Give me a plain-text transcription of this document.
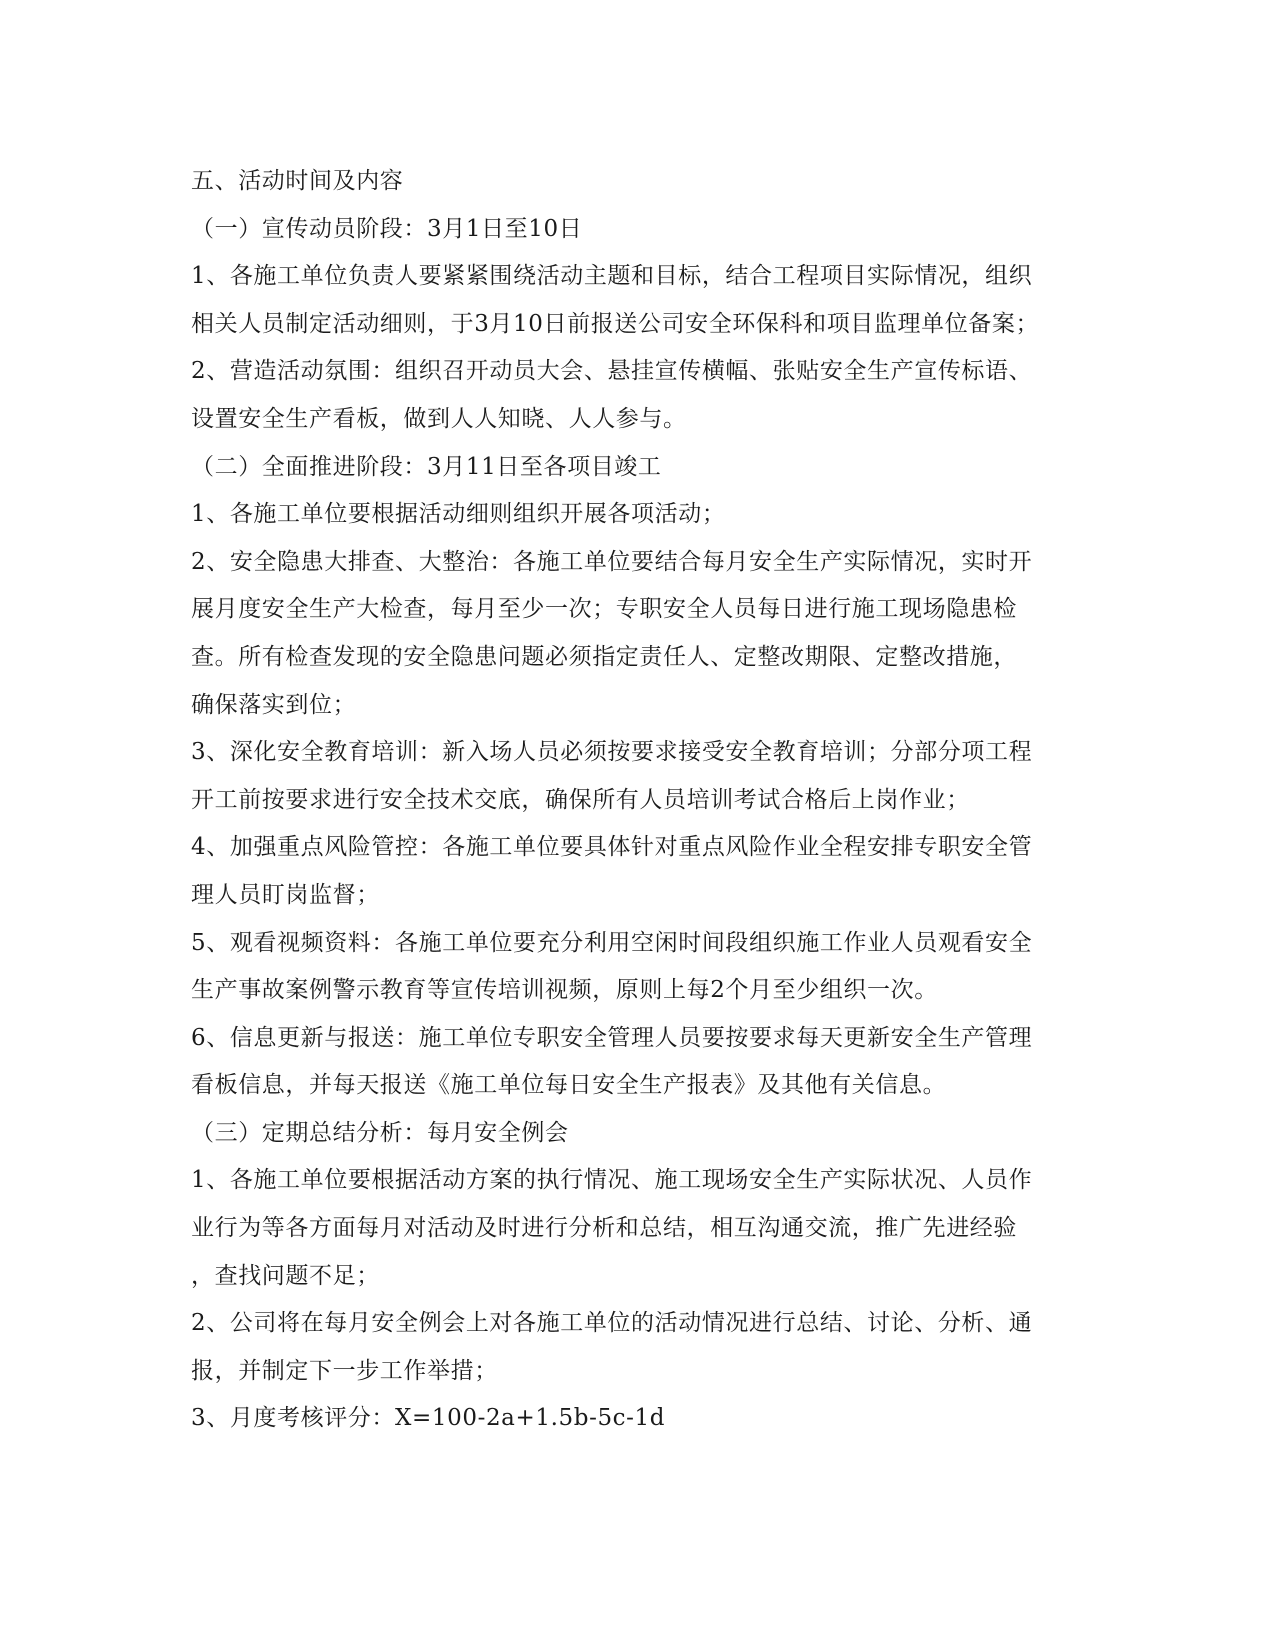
五、活动时间及内容
（一）宣传动员阶段：3月1日至10日
1、各施工单位负责人要紧紧围绕活动主题和目标，结合工程项目实际情况，组织
相关人员制定活动细则，于3月10日前报送公司安全环保科和项目监理单位备案；
2、营造活动氛围：组织召开动员大会、悬挂宣传横幅、张贴安全生产宣传标语、
设置安全生产看板，做到人人知晓、人人参与。
（二）全面推进阶段：3月11日至各项目竣工
1、各施工单位要根据活动细则组织开展各项活动；
2、安全隐患大排查、大整治：各施工单位要结合每月安全生产实际情况，实时开
展月度安全生产大检查，每月至少一次；专职安全人员每日进行施工现场隐患检
查。所有检查发现的安全隐患问题必须指定责任人、定整改期限、定整改措施，
确保落实到位；
3、深化安全教育培训：新入场人员必须按要求接受安全教育培训；分部分项工程
开工前按要求进行安全技术交底，确保所有人员培训考试合格后上岗作业；
4、加强重点风险管控：各施工单位要具体针对重点风险作业全程安排专职安全管
理人员盯岗监督；
5、观看视频资料：各施工单位要充分利用空闲时间段组织施工作业人员观看安全
生产事故案例警示教育等宣传培训视频，原则上每2个月至少组织一次。
6、信息更新与报送：施工单位专职安全管理人员要按要求每天更新安全生产管理
看板信息，并每天报送《施工单位每日安全生产报表》及其他有关信息。
（三）定期总结分析：每月安全例会
1、各施工单位要根据活动方案的执行情况、施工现场安全生产实际状况、人员作
业行为等各方面每月对活动及时进行分析和总结，相互沟通交流，推广先进经验
，查找问题不足；
2、公司将在每月安全例会上对各施工单位的活动情况进行总结、讨论、分析、通
报，并制定下一步工作举措；
3、月度考核评分：X=100-2a+1.5b-5c-1d
